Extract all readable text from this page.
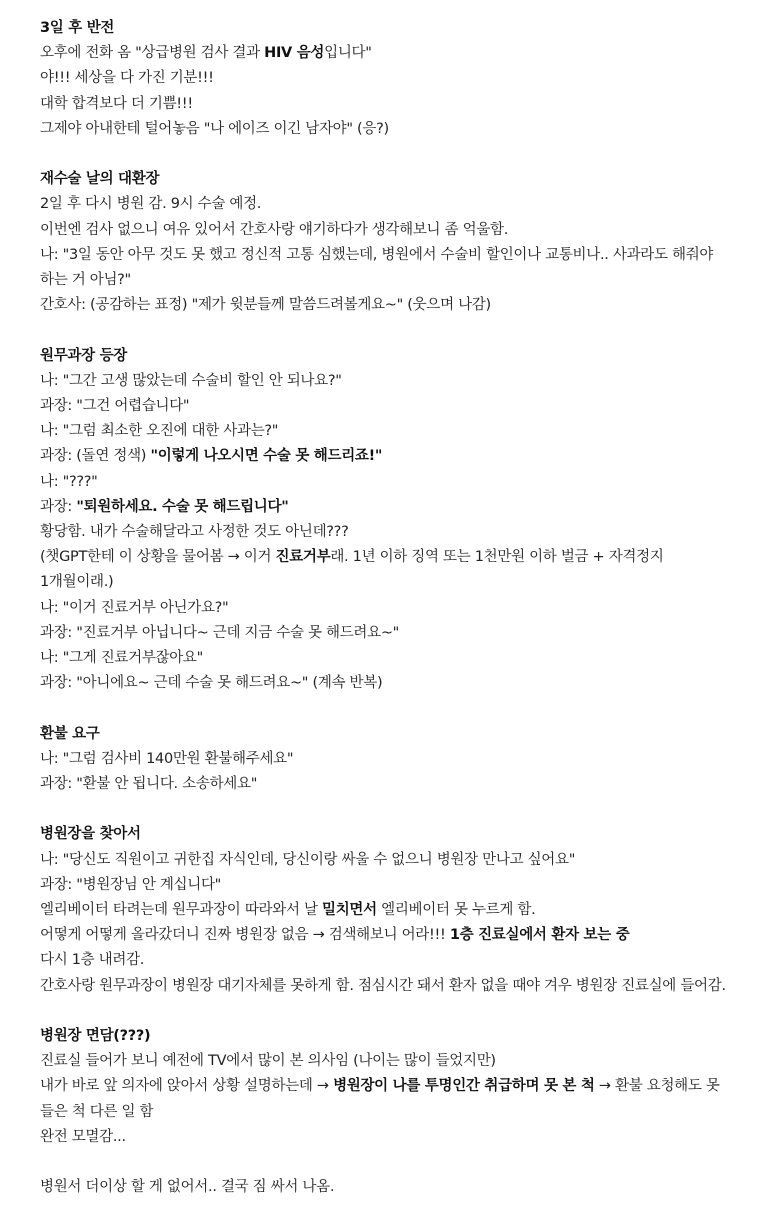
3일 후 반전
오후에 전화 옴 "상급병원 검사 결과 HIV 음성입니다"
야!!! 세상을 다 가진 기분!!!
대학 합격보다 더 기쁨!!!
그제야 아내한테 털어놓음 "나 에이즈 이긴 남자야" (응?)
재수술 날의 대환장
2일 후 다시 병원 감. 9시 수술 예정.
이번엔 검사 없으니 여유 있어서 간호사랑 얘기하다가 생각해보니 좀 억울함.
나: "3일 동안 아무 것도 못 했고 정신적 고통 심했는데, 병원에서 수술비 할인이나 교통비나.. 사과라도 해줘야 하는 거 아님?"
간호사: (공감하는 표정) "제가 윗분들께 말씀드려볼게요~" (웃으며 나감)
원무과장 등장
나: "그간 고생 많았는데 수술비 할인 안 되나요?"
과장: "그건 어렵습니다"
나: "그럼 최소한 오진에 대한 사과는?"
과장: (돌연 정색) "이렇게 나오시면 수술 못 해드리죠!"
나: "???"
과장: "퇴원하세요. 수술 못 해드립니다"
황당함. 내가 수술해달라고 사정한 것도 아닌데???
(챗GPT한테 이 상황을 물어봄 → 이거 진료거부래. 1년 이하 징역 또는 1천만원 이하 벌금 + 자격정지 1개월이래.)
나: "이거 진료거부 아닌가요?"
과장: "진료거부 아닙니다~ 근데 지금 수술 못 해드려요~"
나: "그게 진료거부잖아요"
과장: "아니에요~ 근데 수술 못 해드려요~" (계속 반복)
환불 요구
나: "그럼 검사비 140만원 환불해주세요"
과장: "환불 안 됩니다. 소송하세요"
병원장을 찾아서
나: "당신도 직원이고 귀한집 자식인데, 당신이랑 싸울 수 없으니 병원장 만나고 싶어요"
과장: "병원장님 안 계십니다"
엘리베이터 타려는데 원무과장이 따라와서 날 밀치면서 엘리베이터 못 누르게 함.
어떻게 어떻게 올라갔더니 진짜 병원장 없음 → 검색해보니 어라!!! 1층 진료실에서 환자 보는 중
다시 1층 내려감.
간호사랑 원무과장이 병원장 대기자체를 못하게 함. 점심시간 돼서 환자 없을 때야 겨우 병원장 진료실에 들어감.
병원장 면담(???)
진료실 들어가 보니 예전에 TV에서 많이 본 의사임 (나이는 많이 들었지만)
내가 바로 앞 의자에 앉아서 상황 설명하는데 → 병원장이 나를 투명인간 취급하며 못 본 척 → 환불 요청해도 못 들은 척 다른 일 함
완전 모멸감...
병원서 더이상 할 게 없어서.. 결국 짐 싸서 나옴.
